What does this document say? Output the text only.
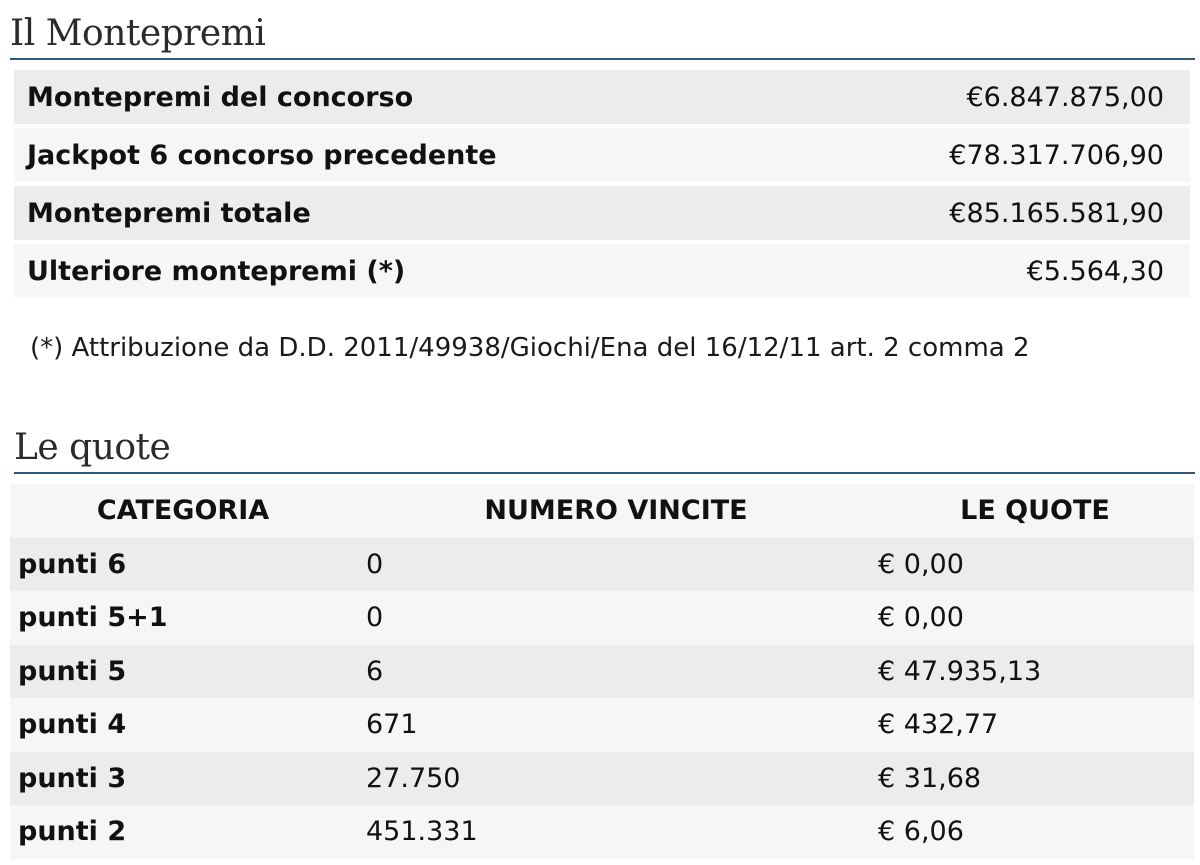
Il Montepremi
Montepremi del concorso	€6.847.875,00
Jackpot 6 concorso precedente	€78.317.706,90
Montepremi totale	€85.165.581,90
Ulteriore montepremi (*)	€5.564,30
(*) Attribuzione da D.D. 2011/49938/Giochi/Ena del 16/12/11 art. 2 comma 2
Le quote
CATEGORIA	NUMERO VINCITE	LE QUOTE
punti 6	0	€ 0,00
punti 5+1	0	€ 0,00
punti 5	6	€ 47.935,13
punti 4	671	€ 432,77
punti 3	27.750	€ 31,68
punti 2	451.331	€ 6,06
